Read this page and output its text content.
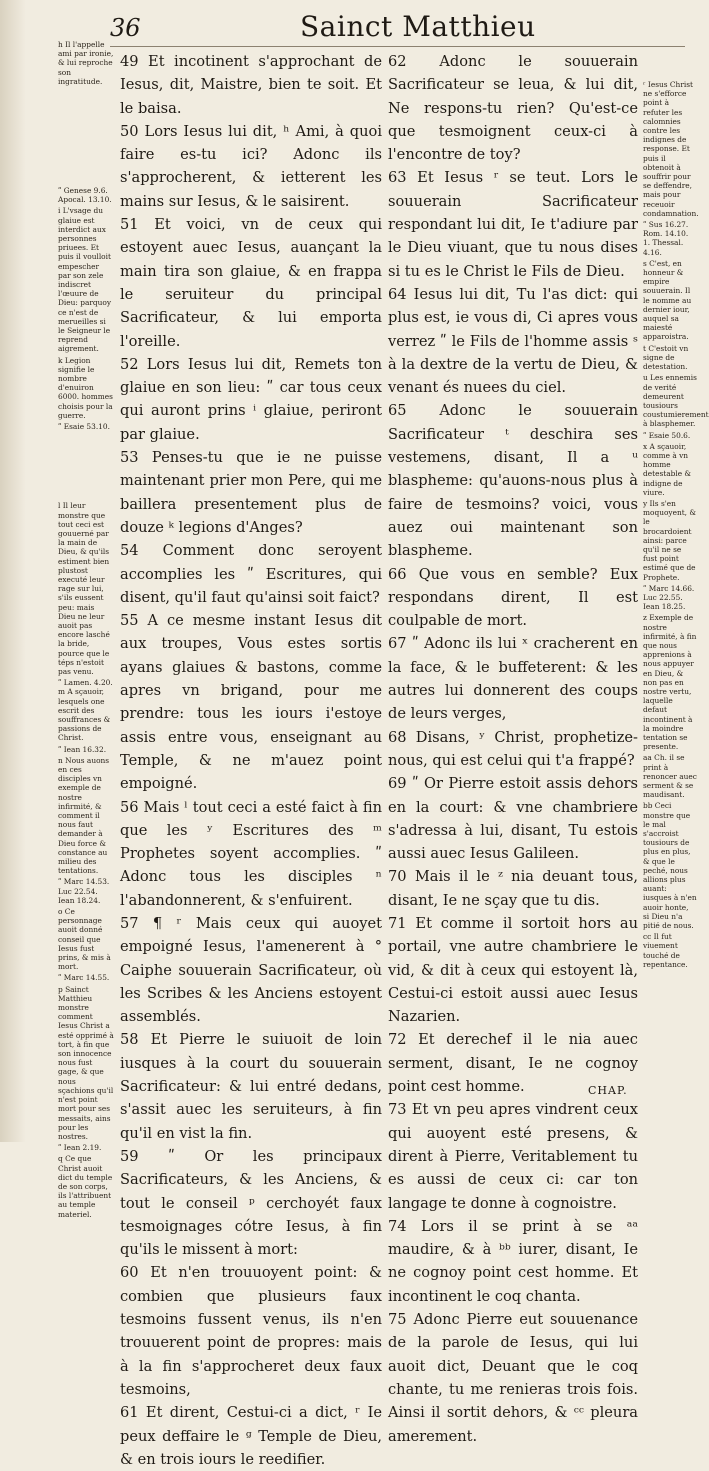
36	Sainct Matthieu
h Il l'appelle ami par ironie, & lui reproche son ingratitude.
ʺ Genese 9.6. Apocal. 13.10.
i L'vsage du glaiue est interdict aux personnes priuees. Et puis il voulloit empescher par son zele indiscret l'œuure de Dieu: parquoy ce n'est de merueilles si le Seigneur le reprend aigrement.
k Legion signifie le nombre d'enuiron 6000. hommes choisis pour la guerre.
ʺ Esaie 53.10.
l Il leur monstre que tout ceci est gouuerné par la main de Dieu, & qu'ils estiment bien plustost executé leur rage sur lui, s'ils eussent peu: mais Dieu ne leur auoit pas encore lasché la bride, pource que le téps n'estoit pas venu.
ʺ Lamen. 4.20. m A sçauoir, lesquels one escrit des souffrances & passions de Christ.
ʺ Iean 16.32.
n Nous auons en ces disciples vn exemple de nostre infirmité, & comment il nous faut demander à Dieu force & constance au milieu des tentations.
ʺ Marc 14.53. Luc 22.54. Iean 18.24.
o Ce personnage auoit donné conseil que Iesus fust prins, & mis à mort.
ʺ Marc 14.55.
p Sainct Matthieu monstre comment Iesus Christ a esté opprimé à tort, à fin que son innocence nous fust gage, & que nous sçachions qu'il n'est point mort pour ses messaits, ains pour les nostres.
ʺ Iean 2.19.
q Ce que Christ auoit dict du temple de son corps, ils l'attribuent au temple materiel.

49 Et incotinent s'approchant de Iesus, dit, Maistre, bien te soit. Et le baisa.

50 Lors Iesus lui dit, ʰ Ami, à quoi faire es-tu ici? Adonc ils s'approcherent, & ietterent les mains sur Iesus, & le saisirent.

51 Et voici, vn de ceux qui estoyent auec Iesus, auançant la main tira son glaiue, & en frappa le seruiteur du principal Sacrificateur, & lui emporta l'oreille.

52 Lors Iesus lui dit, Remets ton glaiue en son lieu: ʺ car tous ceux qui auront prins ⁱ glaiue, periront par glaiue.

53 Penses-tu que ie ne puisse maintenant prier mon Pere, qui me baillera presentement plus de douze ᵏ legions d'Anges?

54 Comment donc seroyent accomplies les ʺ Escritures, qui disent, qu'il faut qu'ainsi soit faict?

55 A ce mesme instant Iesus dit aux troupes, Vous estes sortis ayans glaiues & bastons, comme apres vn brigand, pour me prendre: tous les iours i'estoye assis entre vous, enseignant au Temple, & ne m'auez point empoigné.

56 Mais ˡ tout ceci a esté faict à fin que les ʸ Escritures des ᵐ Prophetes soyent accomplies. ʺ Adonc tous les disciples ⁿ l'abandonnerent, & s'enfuirent.

57 ¶ ʳ Mais ceux qui auoyet empoigné Iesus, l'amenerent à ° Caiphe souuerain Sacrificateur, où les Scribes & les Anciens estoyent assemblés.

58 Et Pierre le suiuoit de loin iusques à la court du souuerain Sacrificateur: & lui entré dedans, s'assit auec les seruiteurs, à fin qu'il en vist la fin.

59 ʺ Or les principaux Sacrificateurs, & les Anciens, & tout le conseil ᵖ cerchoyét faux tesmoignages cótre Iesus, à fin qu'ils le missent à mort:

60 Et n'en trouuoyent point: & combien que plusieurs faux tesmoins fussent venus, ils n'en trouuerent point de propres: mais à la fin s'approcheret deux faux tesmoins,

61 Et dirent, Cestui-ci a dict, ʳ Ie peux deffaire le ᵍ Temple de Dieu, & en trois iours le reedifier.

62 Adonc le souuerain Sacrificateur se leua, & lui dit, Ne respons-tu rien? Qu'est-ce que tesmoignent ceux-ci à l'encontre de toy?

63 Et Iesus ʳ se teut. Lors le souuerain Sacrificateur respondant lui dit, Ie t'adiure par le Dieu viuant, que tu nous dises si tu es le Christ le Fils de Dieu.

64 Iesus lui dit, Tu l'as dict: qui plus est, ie vous di, Ci apres vous verrez ʺ le Fils de l'homme assis ˢ à la dextre de la vertu de Dieu, & venant és nuees du ciel.

65 Adonc le souuerain Sacrificateur ᵗ deschira ses vestemens, disant, Il a ᵘ blaspheme: qu'auons-nous plus à faire de tesmoins? voici, vous auez oui maintenant son blaspheme.

66 Que vous en semble? Eux respondans dirent, Il est coulpable de mort.

67 ʺ Adonc ils lui ˣ cracherent en la face, & le buffeterent: & les autres lui donnerent des coups de leurs verges,

68 Disans, ʸ Christ, prophetize-nous, qui est celui qui t'a frappé?

69 ʺ Or Pierre estoit assis dehors en la court: & vne chambriere s'adressa à lui, disant, Tu estois aussi auec Iesus Galileen.

70 Mais il le ᶻ nia deuant tous, disant, Ie ne sçay que tu dis.

71 Et comme il sortoit hors au portail, vne autre chambriere le vid, & dit à ceux qui estoyent là, Cestui-ci estoit aussi auec Iesus Nazarien.

72 Et derechef il le nia auec serment, disant, Ie ne cognoy point cest homme.

73 Et vn peu apres vindrent ceux qui auoyent esté presens, & dirent à Pierre, Veritablement tu es aussi de ceux ci: car ton langage te donne à cognoistre.

74 Lors il se print à se ᵃᵃ maudire, & à ᵇᵇ iurer, disant, Ie ne cognoy point cest homme. Et incontinent le coq chanta.

75 Adonc Pierre eut souuenance de la parole de Iesus, qui lui auoit dict, Deuant que le coq chante, tu me renieras trois fois. Ainsi il sortit dehors, & ᶜᶜ pleura amerement.

ʳ Iesus Christ ne s'efforce point à refuter les calomnies contre les indignes de response. Et puis il obtenoit à souffrir pour se deffendre, mais pour receuoir condamnation.
ʺ Sus 16.27. Rom. 14.10. 1. Thessal. 4.16.
s C'est, en honneur & empire souuerain. Il le nomme au dernier iour, auquel sa maiesté apparoistra.
t C'estoit vn signe de detestation.
u Les ennemis de verité demeurent tousiours coustumierement à blasphemer.
ʺ Esaie 50.6.
x A sçauoir, comme à vn homme detestable & indigne de viure.
y Ils s'en moquoyent, & le brocardoient ainsi: parce qu'il ne se fust point estimé que de Prophete.
ʺ Marc 14.66. Luc 22.55. Iean 18.25.
z Exemple de nostre infirmité, à fin que nous apprenions à nous appuyer en Dieu, & non pas en nostre vertu, laquelle defaut incontinent à la moindre tentation se presente.
aa Ch. il se print à renoncer auec serment & se maudisant.
bb Ceci monstre que le mal s'accroist tousiours de plus en plus, & que le peché, nous allions plus auant: iusques à n'en auoir honte, si Dieu n'a pitié de nous.
cc Il fut viuement touché de repentance.
CHAP.
